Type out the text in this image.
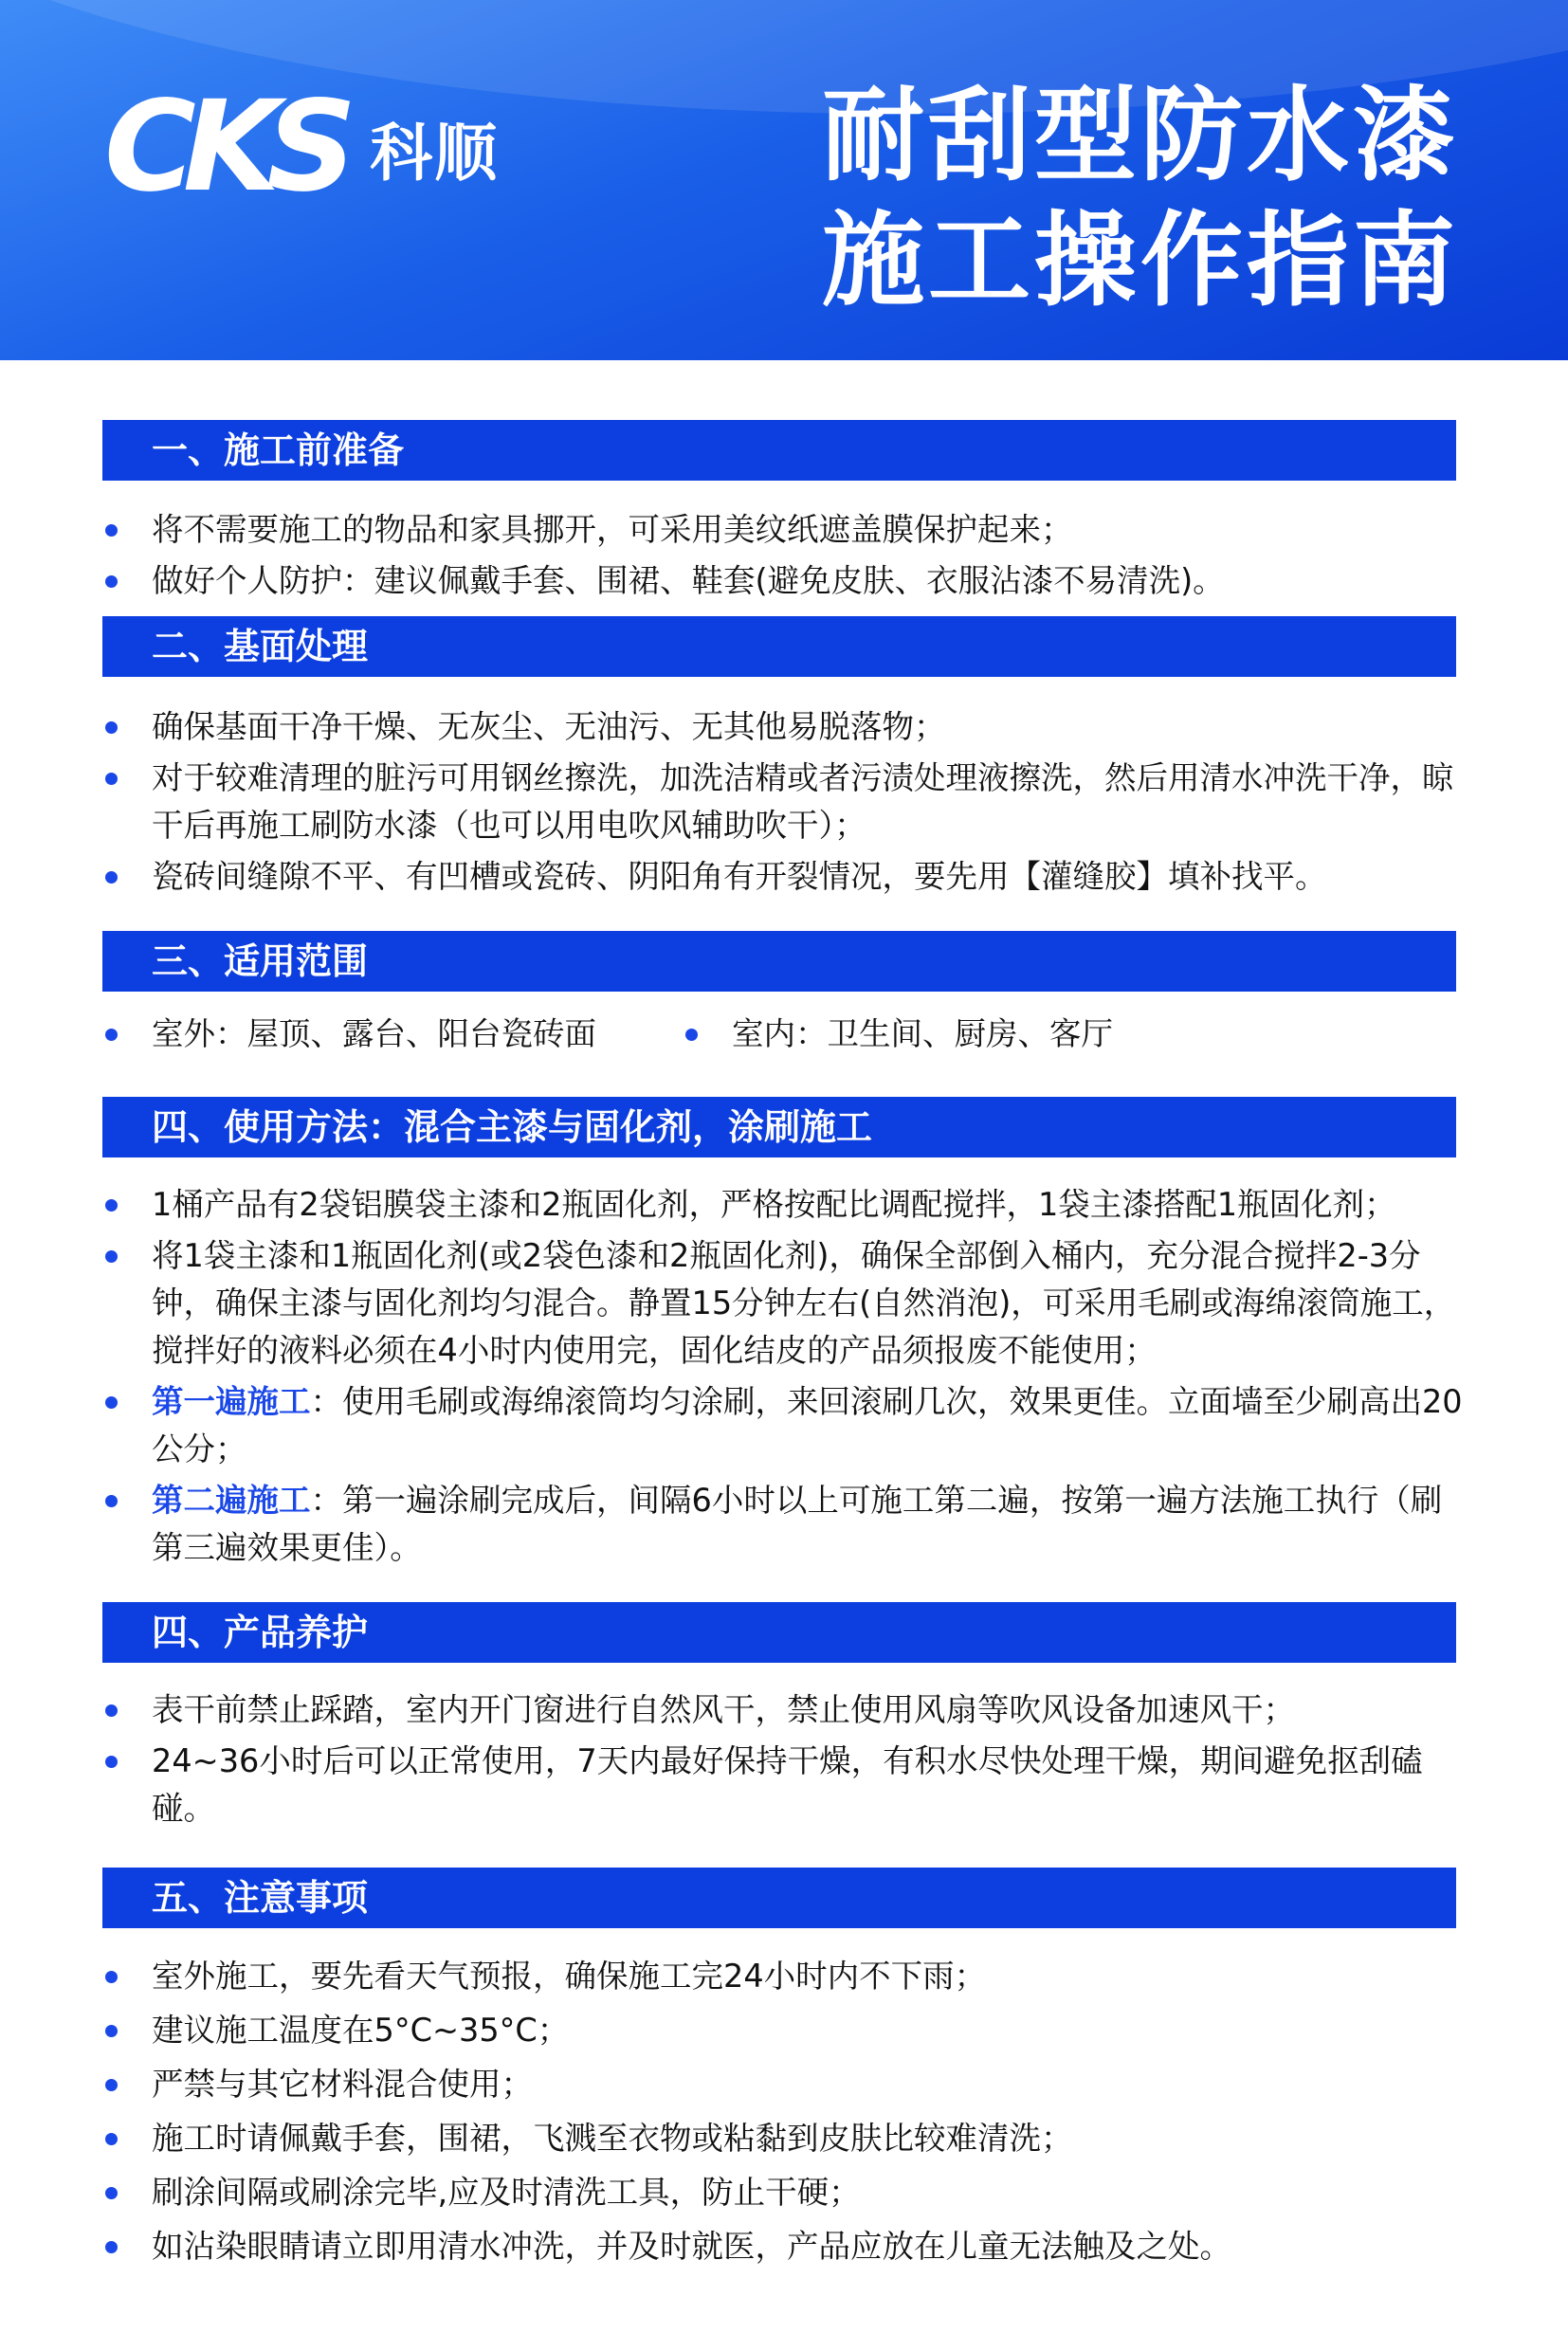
CKS 科顺	耐刮型防水漆
施工操作指南
一、施工前准备
将不需要施工的物品和家具挪开，可采用美纹纸遮盖膜保护起来；
做好个人防护：建议佩戴手套、围裙、鞋套(避免皮肤、衣服沾漆不易清洗)。
二、基面处理
确保基面干净干燥、无灰尘、无油污、无其他易脱落物；
对于较难清理的脏污可用钢丝擦洗，加洗洁精或者污渍处理液擦洗，然后用清水冲洗干净，晾干后再施工刷防水漆（也可以用电吹风辅助吹干）；
瓷砖间缝隙不平、有凹槽或瓷砖、阴阳角有开裂情况，要先用【灌缝胶】填补找平。
三、适用范围
室外：屋顶、露台、阳台瓷砖面	室内：卫生间、厨房、客厅
四、使用方法：混合主漆与固化剂，涂刷施工
1桶产品有2袋铝膜袋主漆和2瓶固化剂，严格按配比调配搅拌，1袋主漆搭配1瓶固化剂；
将1袋主漆和1瓶固化剂(或2袋色漆和2瓶固化剂)，确保全部倒入桶内，充分混合搅拌2-3分钟，确保主漆与固化剂均匀混合。静置15分钟左右(自然消泡)，可采用毛刷或海绵滚筒施工，搅拌好的液料必须在4小时内使用完，固化结皮的产品须报废不能使用；
第一遍施工：使用毛刷或海绵滚筒均匀涂刷，来回滚刷几次，效果更佳。立面墙至少刷高出20公分；
第二遍施工：第一遍涂刷完成后，间隔6小时以上可施工第二遍，按第一遍方法施工执行（刷第三遍效果更佳）。
四、产品养护
表干前禁止踩踏，室内开门窗进行自然风干，禁止使用风扇等吹风设备加速风干；
24~36小时后可以正常使用，7天内最好保持干燥，有积水尽快处理干燥，期间避免抠刮磕碰。
五、注意事项
室外施工，要先看天气预报，确保施工完24小时内不下雨；
建议施工温度在5°C~35°C；
严禁与其它材料混合使用；
施工时请佩戴手套，围裙，飞溅至衣物或粘黏到皮肤比较难清洗；
刷涂间隔或刷涂完毕,应及时清洗工具，防止干硬；
如沾染眼睛请立即用清水冲洗，并及时就医，产品应放在儿童无法触及之处。
